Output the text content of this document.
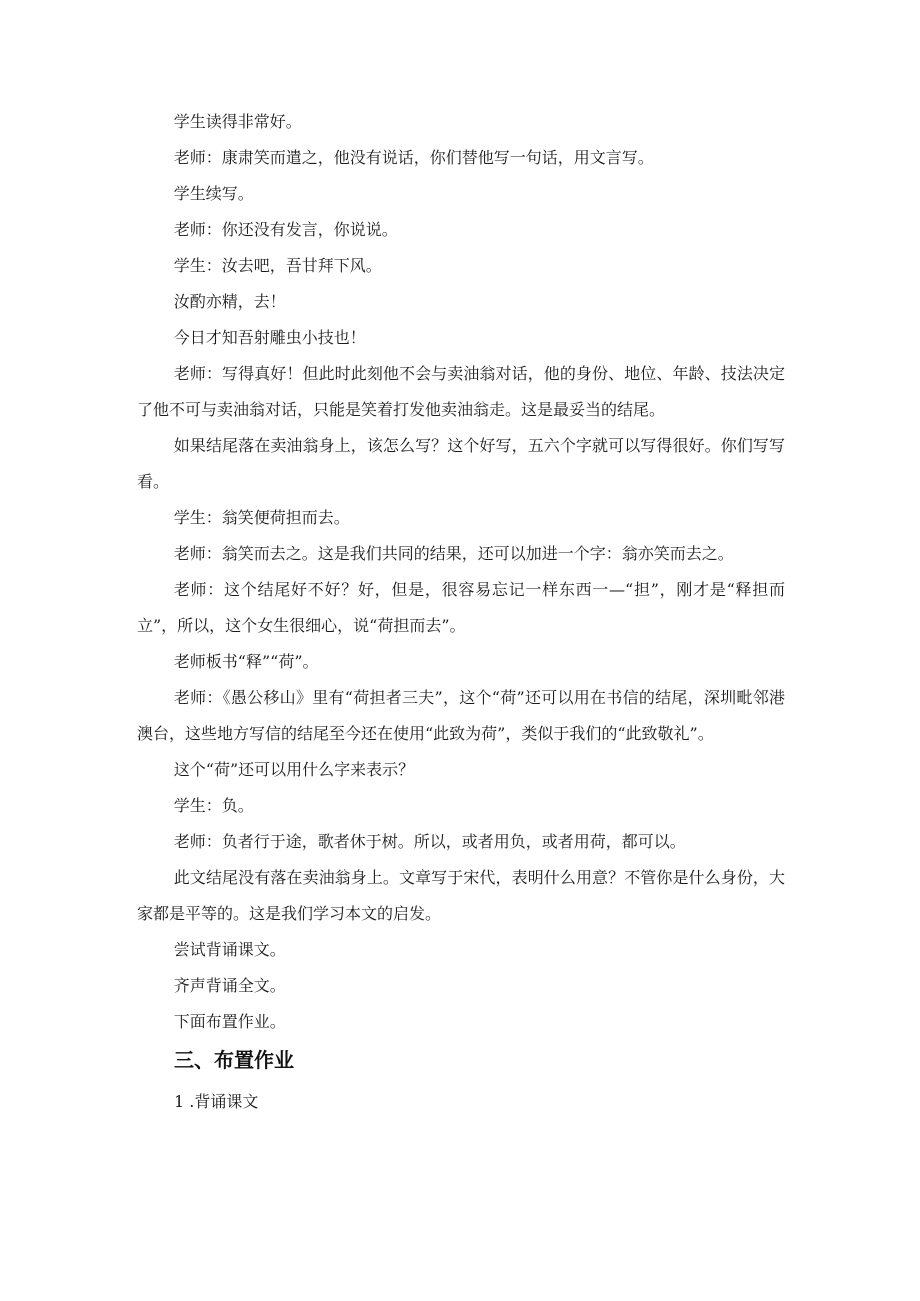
学生读得非常好。

老师：康肃笑而遣之，他没有说话，你们替他写一句话，用文言写。

学生续写。

老师：你还没有发言，你说说。

学生：汝去吧，吾甘拜下风。

汝酌亦精，去！

今日才知吾射雕虫小技也！

老师：写得真好！但此时此刻他不会与卖油翁对话，他的身份、地位、年龄、技法决定了他不可与卖油翁对话，只能是笑着打发他卖油翁走。这是最妥当的结尾。

如果结尾落在卖油翁身上，该怎么写？这个好写，五六个字就可以写得很好。你们写写看。

学生：翁笑便荷担而去。

老师：翁笑而去之。这是我们共同的结果，还可以加进一个字：翁亦笑而去之。

老师：这个结尾好不好？好，但是，很容易忘记一样东西一—“担”，刚才是“释担而立”，所以，这个女生很细心，说“荷担而去”。

老师板书“释”“荷”。

老师：《愚公移山》里有“荷担者三夫”，这个“荷”还可以用在书信的结尾，深圳毗邻港澳台，这些地方写信的结尾至今还在使用“此致为荷”，类似于我们的“此致敬礼”。

这个“荷”还可以用什么字来表示？

学生：负。

老师：负者行于途，歌者休于树。所以，或者用负，或者用荷，都可以。

此文结尾没有落在卖油翁身上。文章写于宋代，表明什么用意？不管你是什么身份，大家都是平等的。这是我们学习本文的启发。

尝试背诵课文。

齐声背诵全文。

下面布置作业。

三、布置作业

1 .背诵课文
